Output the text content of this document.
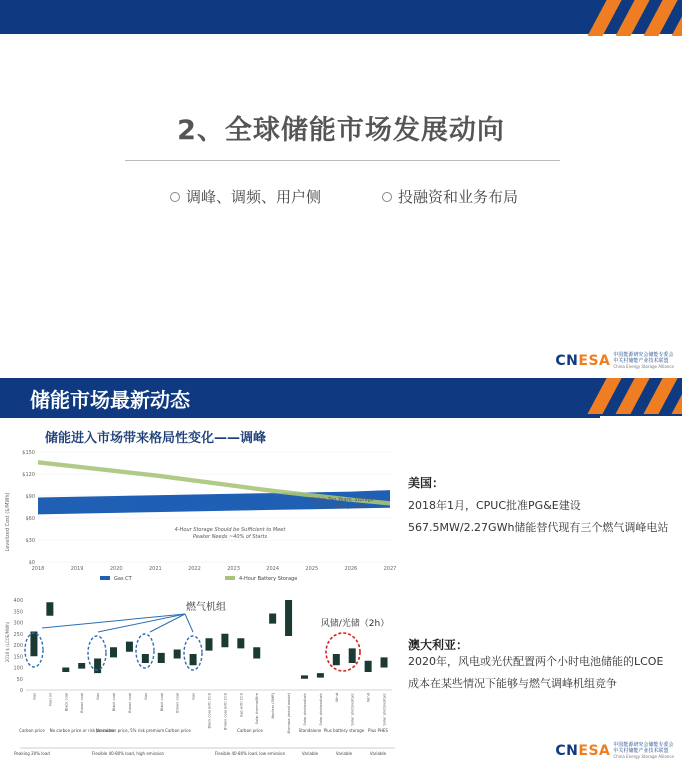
2、全球储能市场发展动向
调峰、调频、用户侧	投融资和业务布局
CNESA 中国能源研究会储能专委会
中关村储能产业技术联盟
China Energy Storage Alliance
储能市场最新动态
储能进入市场带来格局性变化——调峰
Levelized Cost ($/MWh)
$0
$30
$60
$90
$120
$150
2018	2019	2020	2021	2022	2023	2024	2025	2026	2027
Within Five Years, Storage Begins To Compete Head-to-Head
Within Ten Years, Storage Almost Always Wins
4-Hour Storage Should be Sufficient to Meet Peaker Needs ~40% of Starts
储能vs燃气 全生命周期成本
Gas CT	4-Hour Battery Storage
2018 $ (LCOE/MWh)
0
50
100
150
200
250
300
350
400
Gas	Fuel oil	Black coal	Brown coal	Gas	Black coal	Brown coal	Gas	Black coal	Brown coal	Gas	Black coal with CCS	Brown coal with CCS	Gas with CCS	Solar thermal/fire	Nuclear (SMR)	Biomass (wood waste)	Solar photovoltaic	Solar photovoltaic	Wind	Solar photovoltaic	Wind	Solar photovoltaic
Carbon price No carbon price or risk premium
No carbon price, 5% risk premium Carbon price	Carbon price	Standalone Plus battery storage Plus PHES
Peaking 20% load	Flexible 40-80% load, high emission	Flexible 40-80% load, low emission	Variable	Variable	Variable
燃气机组
风储/光储（2h）
美国：
2018年1月，CPUC批准PG&E建设
567.5MW/2.27GWh储能替代现有三个燃气调峰电站
澳大利亚：
2020年，风电或光伏配置两个小时电池储能的LCOE
成本在某些情况下能够与燃气调峰机组竞争
CNESA 中国能源研究会储能专委会
中关村储能产业技术联盟
China Energy Storage Alliance
